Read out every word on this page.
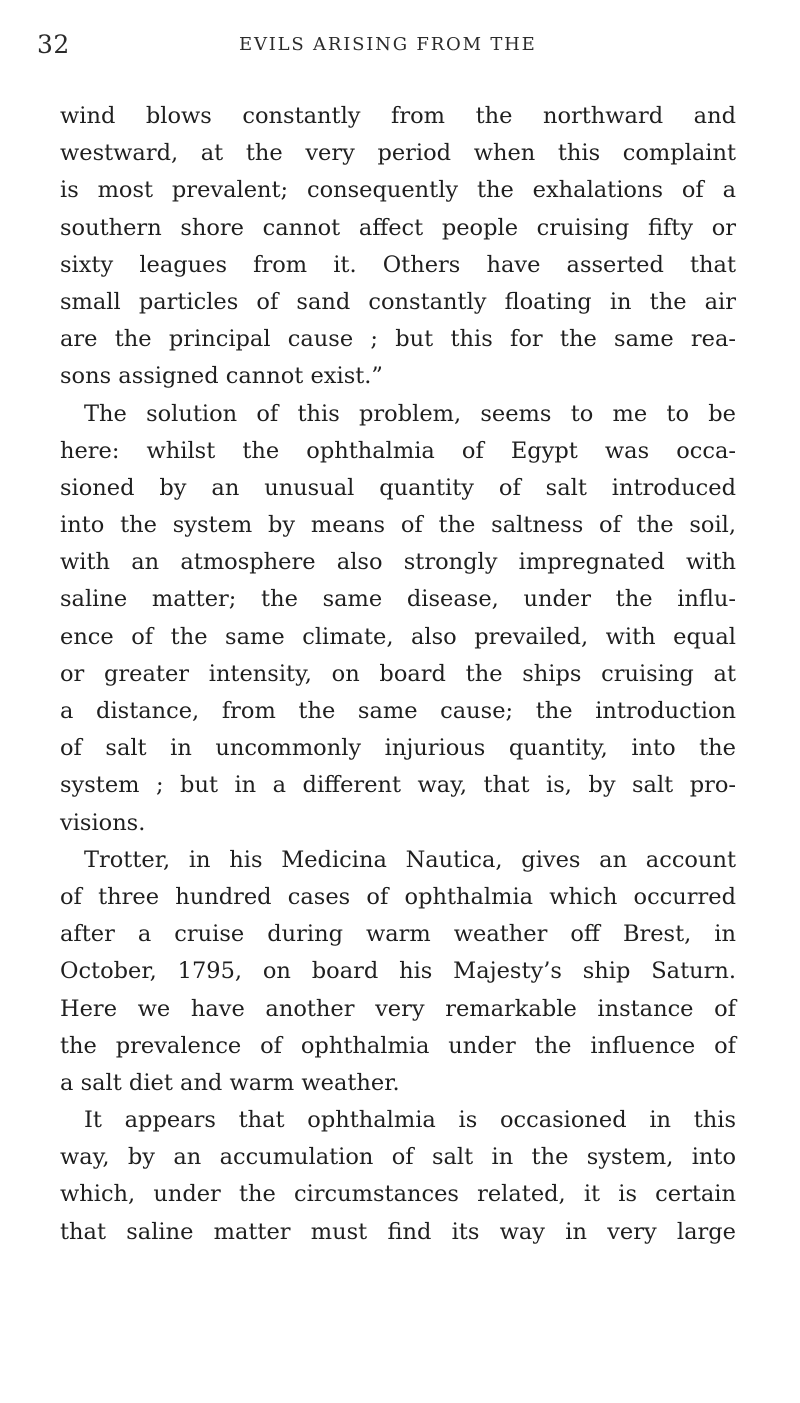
32	EVILS ARISING FROM THE
wind blows constantly from the northward and
westward, at the very period when this complaint
is most prevalent; consequently the exhalations of a
southern shore cannot affect people cruising fifty or
sixty leagues from it. Others have asserted that
small particles of sand constantly floating in the air
are the principal cause ; but this for the same rea-
sons assigned cannot exist.”
The solution of this problem, seems to me to be
here: whilst the ophthalmia of Egypt was occa-
sioned by an unusual quantity of salt introduced
into the system by means of the saltness of the soil,
with an atmosphere also strongly impregnated with
saline matter; the same disease, under the influ-
ence of the same climate, also prevailed, with equal
or greater intensity, on board the ships cruising at
a distance, from the same cause; the introduction
of salt in uncommonly injurious quantity, into the
system ; but in a different way, that is, by salt pro-
visions.
Trotter, in his Medicina Nautica, gives an account
of three hundred cases of ophthalmia which occurred
after a cruise during warm weather off Brest, in
October, 1795, on board his Majesty’s ship Saturn.
Here we have another very remarkable instance of
the prevalence of ophthalmia under the influence of
a salt diet and warm weather.
It appears that ophthalmia is occasioned in this
way, by an accumulation of salt in the system, into
which, under the circumstances related, it is certain
that saline matter must find its way in very large
